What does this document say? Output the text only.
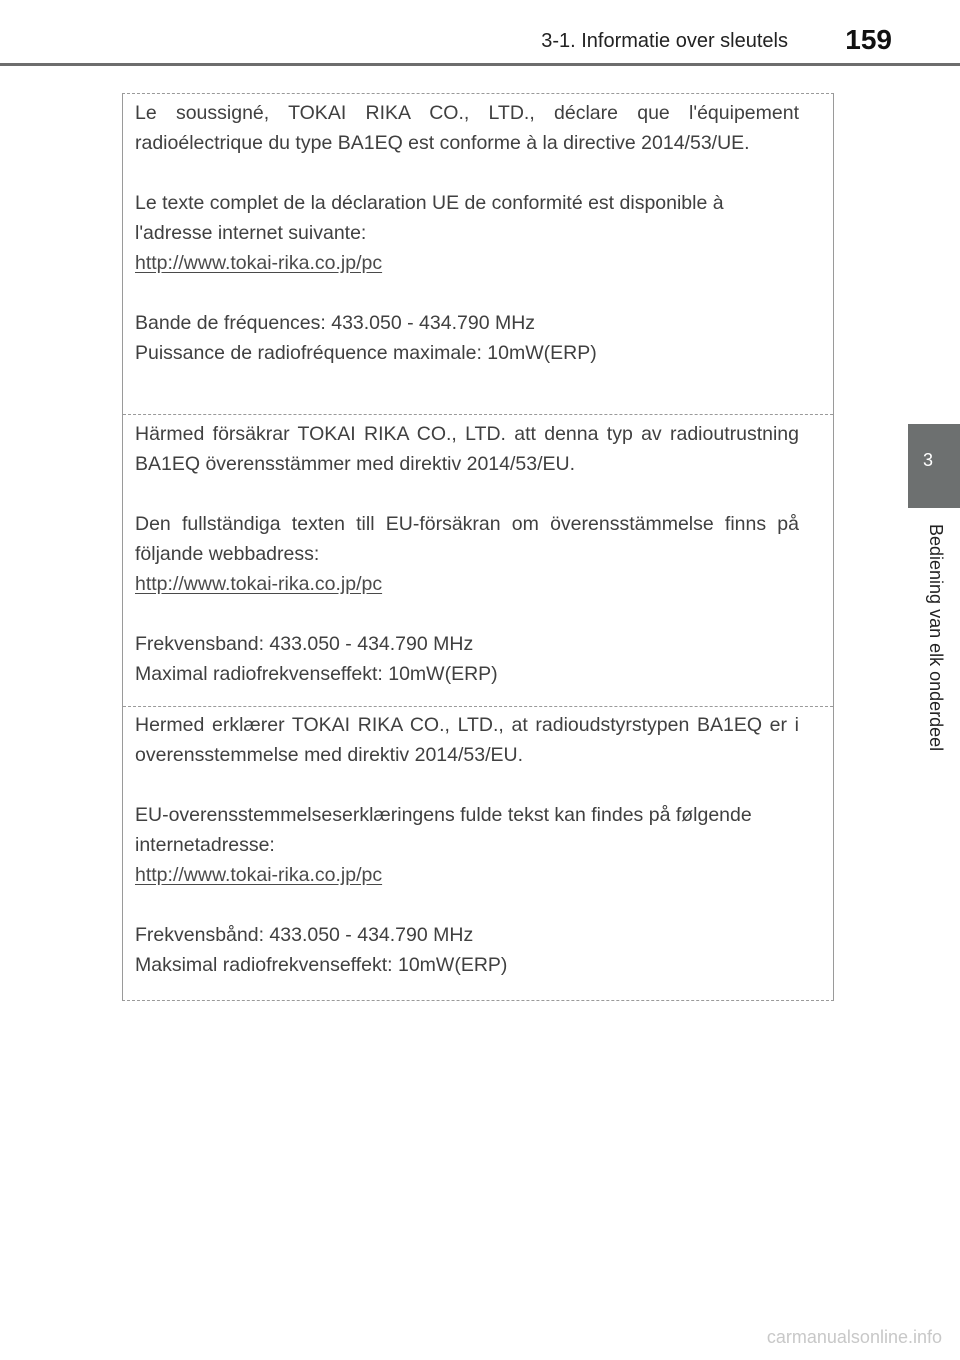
3-1. Informatie over sleutels 159
3
Bediening van elk onderdeel

Le soussigné, TOKAI RIKA CO., LTD., déclare que l'équipement radioélectrique du type BA1EQ est conforme à la directive 2014/53/UE.

Le texte complet de la déclaration UE de conformité est disponible à l'adresse internet suivante:

http://www.tokai-rika.co.jp/pc

Bande de fréquences: 433.050 - 434.790 MHz

Puissance de radiofréquence maximale: 10mW(ERP)

Härmed försäkrar TOKAI RIKA CO., LTD. att denna typ av radioutrustning BA1EQ överensstämmer med direktiv 2014/53/EU.

Den fullständiga texten till EU-försäkran om överensstämmelse finns på följande webbadress:

http://www.tokai-rika.co.jp/pc

Frekvensband: 433.050 - 434.790 MHz

Maximal radiofrekvenseffekt: 10mW(ERP)

Hermed erklærer TOKAI RIKA CO., LTD., at radioudstyrstypen BA1EQ er i overensstemmelse med direktiv 2014/53/EU.

EU-overensstemmelseserklæringens fulde tekst kan findes på følgende internetadresse:

http://www.tokai-rika.co.jp/pc

Frekvensbånd: 433.050 - 434.790 MHz

Maksimal radiofrekvenseffekt: 10mW(ERP)

carmanualsonline.info
